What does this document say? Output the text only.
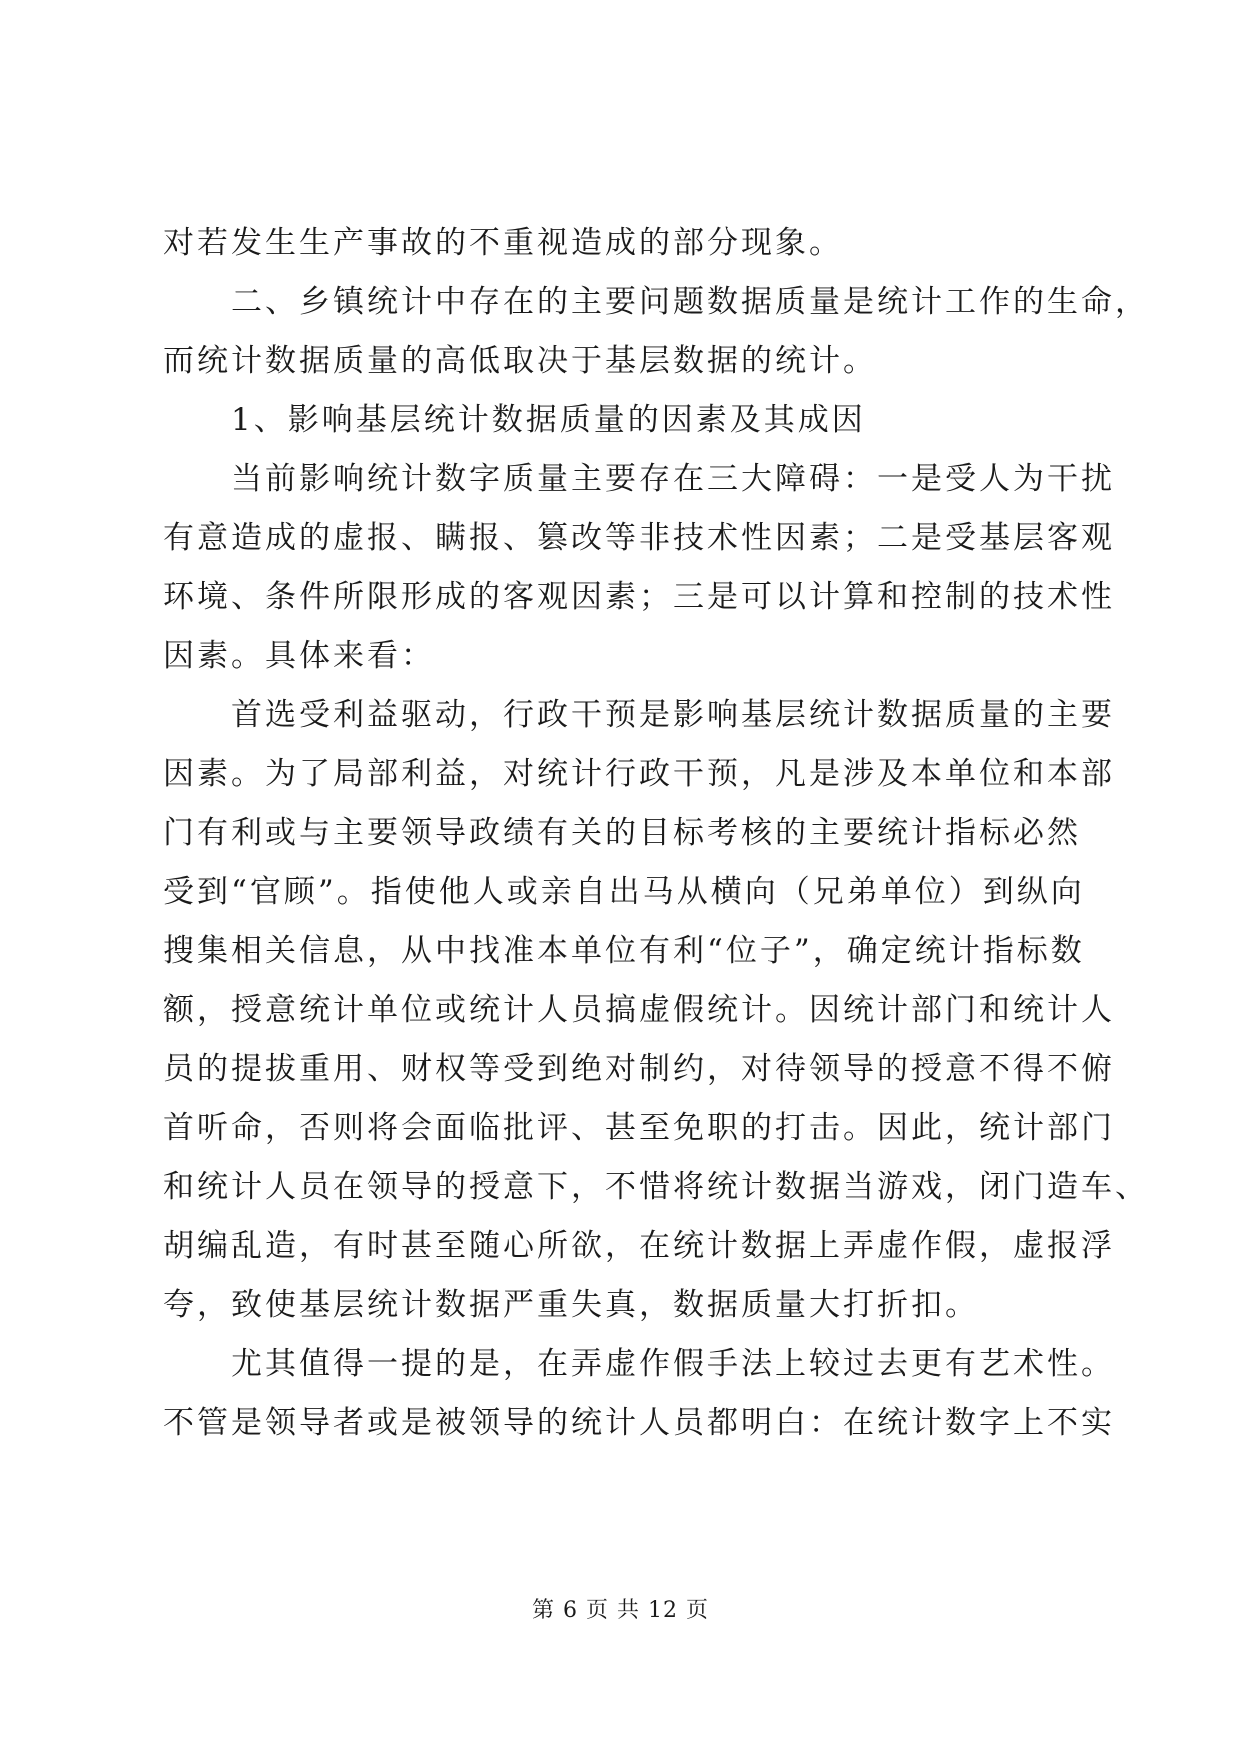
对若发生生产事故的不重视造成的部分现象。
二、乡镇统计中存在的主要问题数据质量是统计工作的生命，
而统计数据质量的高低取决于基层数据的统计。
1、影响基层统计数据质量的因素及其成因
当前影响统计数字质量主要存在三大障碍：一是受人为干扰
有意造成的虚报、瞒报、篡改等非技术性因素；二是受基层客观
环境、条件所限形成的客观因素；三是可以计算和控制的技术性
因素。具体来看：
首选受利益驱动，行政干预是影响基层统计数据质量的主要
因素。为了局部利益，对统计行政干预，凡是涉及本单位和本部
门有利或与主要领导政绩有关的目标考核的主要统计指标必然
受到“官顾”。指使他人或亲自出马从横向（兄弟单位）到纵向
搜集相关信息，从中找准本单位有利“位子”，确定统计指标数
额，授意统计单位或统计人员搞虚假统计。因统计部门和统计人
员的提拔重用、财权等受到绝对制约，对待领导的授意不得不俯
首听命，否则将会面临批评、甚至免职的打击。因此，统计部门
和统计人员在领导的授意下，不惜将统计数据当游戏，闭门造车、
胡编乱造，有时甚至随心所欲，在统计数据上弄虚作假，虚报浮
夸，致使基层统计数据严重失真，数据质量大打折扣。
尤其值得一提的是，在弄虚作假手法上较过去更有艺术性。
不管是领导者或是被领导的统计人员都明白：在统计数字上不实
第 6 页 共 12 页
